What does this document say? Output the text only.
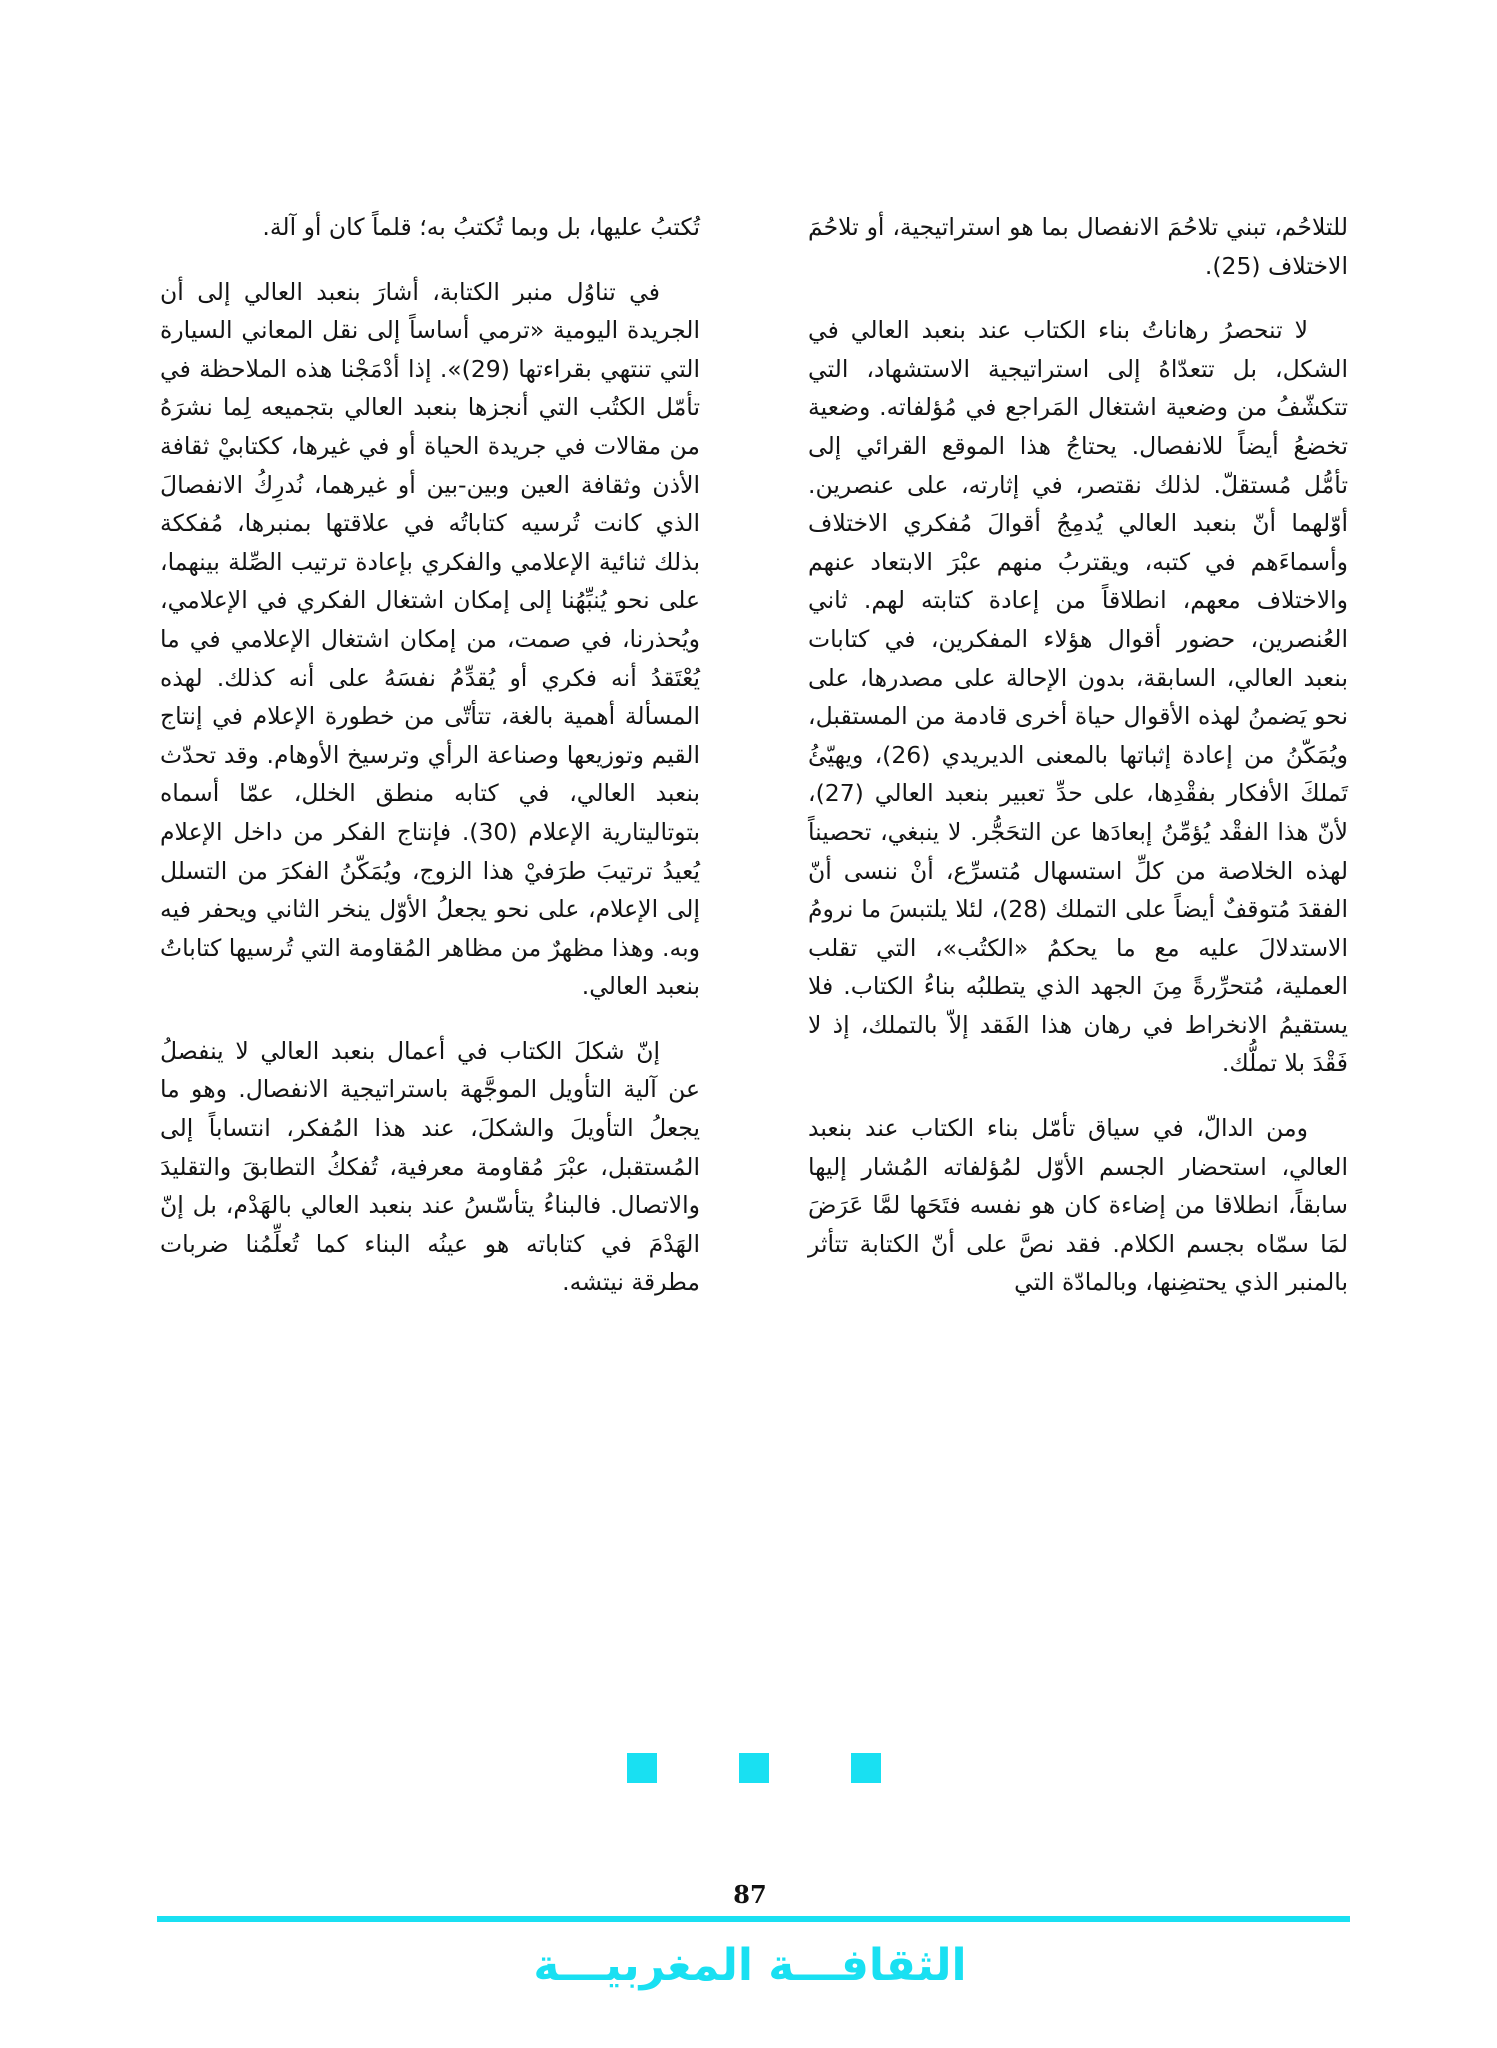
للتلاحُم، تبني تلاحُمَ الانفصال بما هو استراتيجية، أو تلاحُمَ الاختلاف (25).

لا تنحصرُ رهاناتُ بناء الكتاب عند بنعبد العالي في الشكل، بل تتعدّاهُ إلى استراتيجية الاستشهاد، التي تتكشّفُ من وضعية اشتغال المَراجع في مُؤلفاته. وضعية تخضعُ أيضاً للانفصال. يحتاجُ هذا الموقع القرائي إلى تأمُّل مُستقلّ. لذلك نقتصر، في إثارته، على عنصرين. أوّلهما أنّ بنعبد العالي يُدمِجُ أقوالَ مُفكري الاختلاف وأسماءَهم في كتبه، ويقتربُ منهم عبْرَ الابتعاد عنهم والاختلاف معهم، انطلاقاً من إعادة كتابته لهم. ثاني العُنصرين، حضور أقوال هؤلاء المفكرين، في كتابات بنعبد العالي، السابقة، بدون الإحالة على مصدرها، على نحو يَضمنُ لهذه الأقوال حياة أخرى قادمة من المستقبل، ويُمَكّنُ من إعادة إثباتها بالمعنى الديريدي (26)، ويهيّئُ تَملكَ الأفكار بفقْدِها، على حدِّ تعبير بنعبد العالي (27)، لأنّ هذا الفقْد يُؤمِّنُ إبعادَها عن التحَجُّر. لا ينبغي، تحصيناً لهذه الخلاصة من كلِّ استسهال مُتسرِّع، أنْ ننسى أنّ الفقدَ مُتوقفٌ أيضاً على التملك (28)، لئلا يلتبسَ ما نرومُ الاستدلالَ عليه مع ما يحكمُ «الكتُب»، التي تقلب العملية، مُتحرِّرةً مِنَ الجهد الذي يتطلبُه بناءُ الكتاب. فلا يستقيمُ الانخراط في رهان هذا الفَقد إلاّ بالتملك، إذ لا فَقْدَ بلا تملُّك.

ومن الدالّ، في سياق تأمّل بناء الكتاب عند بنعبد العالي، استحضار الجسم الأوّل لمُؤلفاته المُشار إليها سابقاً، انطلاقا من إضاءة كان هو نفسه فتَحَها لمَّا عَرَضَ لمَا سمّاه بجسم الكلام. فقد نصَّ على أنّ الكتابة تتأثر بالمنبر الذي يحتضِنها، وبالمادّة التي

تُكتبُ عليها، بل وبما تُكتبُ به؛ قلماً كان أو آلة.

في تناوُل منبر الكتابة، أشارَ بنعبد العالي إلى أن الجريدة اليومية «ترمي أساساً إلى نقل المعاني السيارة التي تنتهي بقراءتها (29)». إذا أدْمَجْنا هذه الملاحظة في تأمّل الكتُب التي أنجزها بنعبد العالي بتجميعه لِما نشرَهُ من مقالات في جريدة الحياة أو في غيرها، ككتابيْ ثقافة الأذن وثقافة العين وبين-بين أو غيرهما، نُدرِكُ الانفصالَ الذي كانت تُرسيه كتاباتُه في علاقتها بمنبرها، مُفككة بذلك ثنائية الإعلامي والفكري بإعادة ترتيب الصِّلة بينهما، على نحو يُنبِّهُنا إلى إمكان اشتغال الفكري في الإعلامي، ويُحذرنا، في صمت، من إمكان اشتغال الإعلامي في ما يُعْتَقدُ أنه فكري أو يُقدِّمُ نفسَهُ على أنه كذلك. لهذه المسألة أهمية بالغة، تتأتّى من خطورة الإعلام في إنتاج القيم وتوزيعها وصناعة الرأي وترسيخ الأوهام. وقد تحدّث بنعبد العالي، في كتابه منطق الخلل، عمّا أسماه بتوتاليتارية الإعلام (30). فإنتاج الفكر من داخل الإعلام يُعيدُ ترتيبَ طرَفيْ هذا الزوج، ويُمَكّنُ الفكرَ من التسلل إلى الإعلام، على نحو يجعلُ الأوّل ينخر الثاني ويحفر فيه وبه. وهذا مظهرٌ من مظاهر المُقاومة التي تُرسيها كتاباتُ بنعبد العالي.

إنّ شكلَ الكتاب في أعمال بنعبد العالي لا ينفصلُ عن آلية التأويل الموجَّهة باستراتيجية الانفصال. وهو ما يجعلُ التأويلَ والشكلَ، عند هذا المُفكر، انتساباً إلى المُستقبل، عبْرَ مُقاومة معرفية، تُفككُ التطابقَ والتقليدَ والاتصال. فالبناءُ يتأسّسُ عند بنعبد العالي بالهَدْم، بل إنّ الهَدْمَ في كتاباته هو عينُه البناء كما تُعلِّمُنا ضربات مطرقة نيتشه.

87
الثقافـــة المغربيـــة
